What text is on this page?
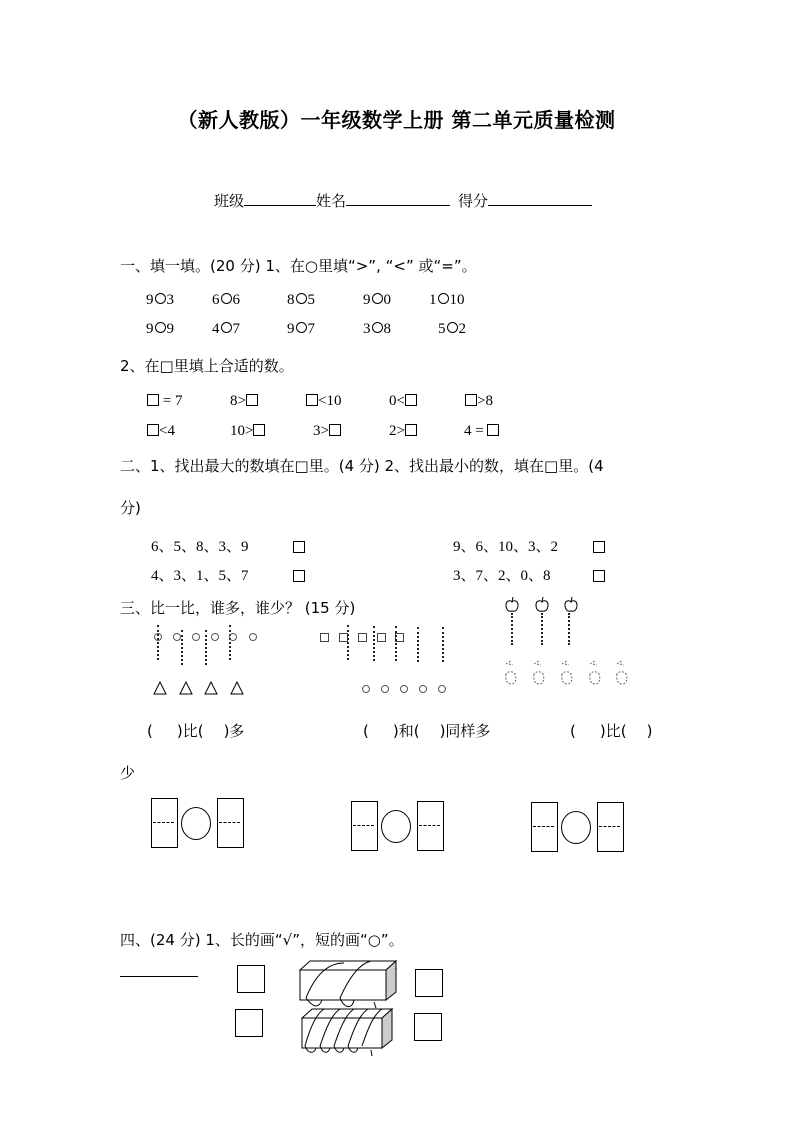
（新人教版）一年级数学上册 第二单元质量检测
班级	姓名	得分
一、填一填。(20 分) 1、在○里填“>”, “<” 或“=”。
9 3	6 6	8 5	9 0	1 10
9 9	4 7	9 7	3 8	5 2
2、在□里填上合适的数。
= 7	8>	<10	0<	>8
<4	10>	3>	2>	4 =
二、1、找出最大的数填在□里。(4 分) 2、找出最小的数，填在□里。(4
分)
6、5、8、3、9
4、3、1、5、7
9、6、10、3、2
3、7、2、0、8
三、比一比，谁多，谁少？ (15 分)
( )比( )多	( )和( )同样多	( )比( )
少
四、(24 分) 1、长的画“√”，短的画“○”。
